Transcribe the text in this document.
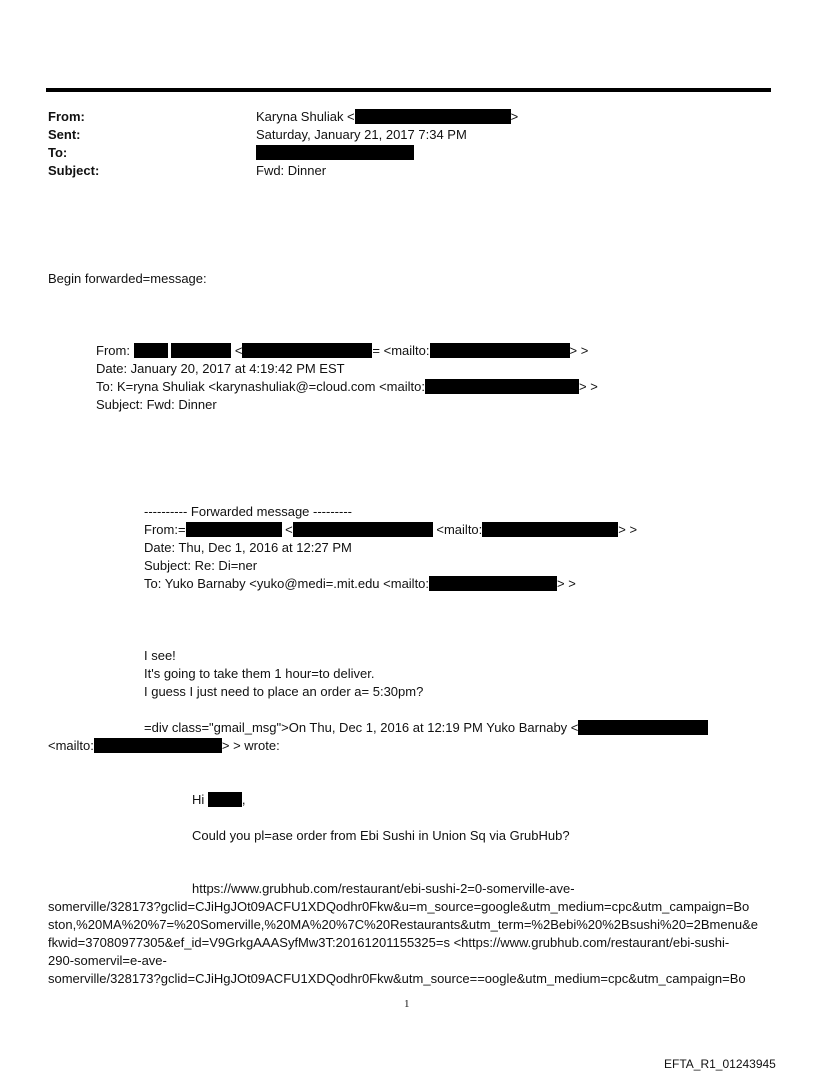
From:	Karyna Shuliak <	>
Sent:	Saturday, January 21, 2017 7:34 PM
To:
Subject:	Fwd: Dinner
Begin forwarded=message:
From:	<	= <mailto:	> >
Date: January 20, 2017 at 4:19:42 PM EST
To: K=ryna Shuliak <karynashuliak@=cloud.com <mailto:	> >
Subject: Fwd: Dinner
---------- Forwarded message ---------
From:=	<	<mailto:	> >
Date: Thu, Dec 1, 2016 at 12:27 PM
Subject: Re: Di=ner
To: Yuko Barnaby <yuko@medi=.mit.edu <mailto:	> >
I see!
It's going to take them 1 hour=to deliver.
I guess I just need to place an order a= 5:30pm?
=div class="gmail_msg">On Thu, Dec 1, 2016 at 12:19 PM Yuko Barnaby <
<mailto:	> > wrote:
Hi	,
Could you pl=ase order from Ebi Sushi in Union Sq via GrubHub?
https://www.grubhub.com/restaurant/ebi-sushi-2=0-somerville-ave-
somerville/328173?gclid=CJiHgJOt09ACFU1XDQodhr0Fkw&u=m_source=google&utm_medium=cpc&utm_campaign=Bo
ston,%20MA%20%7=%20Somerville,%20MA%20%7C%20Restaurants&utm_term=%2Bebi%20%2Bsushi%20=2Bmenu&e
fkwid=37080977305&ef_id=V9GrkgAAASyfMw3T:20161201155325=s <https://www.grubhub.com/restaurant/ebi-sushi-
290-somervil=e-ave-
somerville/328173?gclid=CJiHgJOt09ACFU1XDQodhr0Fkw&utm_source==oogle&utm_medium=cpc&utm_campaign=Bo
1
EFTA_R1_01243945
